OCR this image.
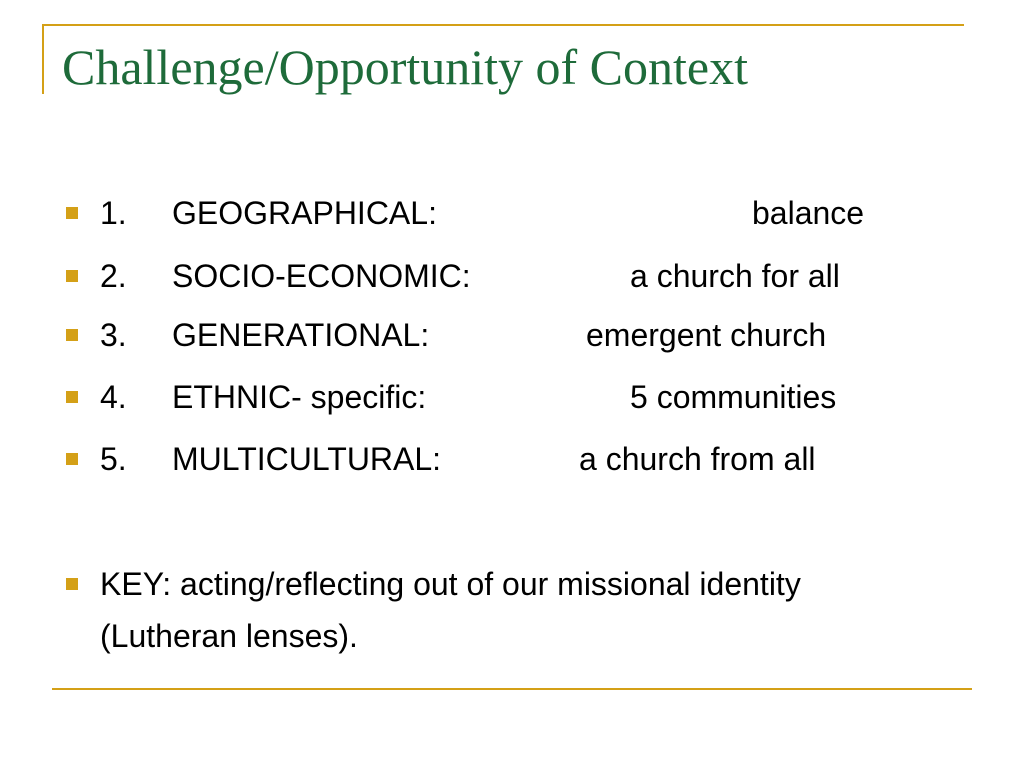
Challenge/Opportunity of Context
1. GEOGRAPHICAL:	balance
2. SOCIO-ECONOMIC:	a church for all
3. GENERATIONAL:	emergent church
4. ETHNIC- specific:	5 communities
5. MULTICULTURAL:	a church from all
KEY: acting/reflecting out of our missional identity (Lutheran lenses).
